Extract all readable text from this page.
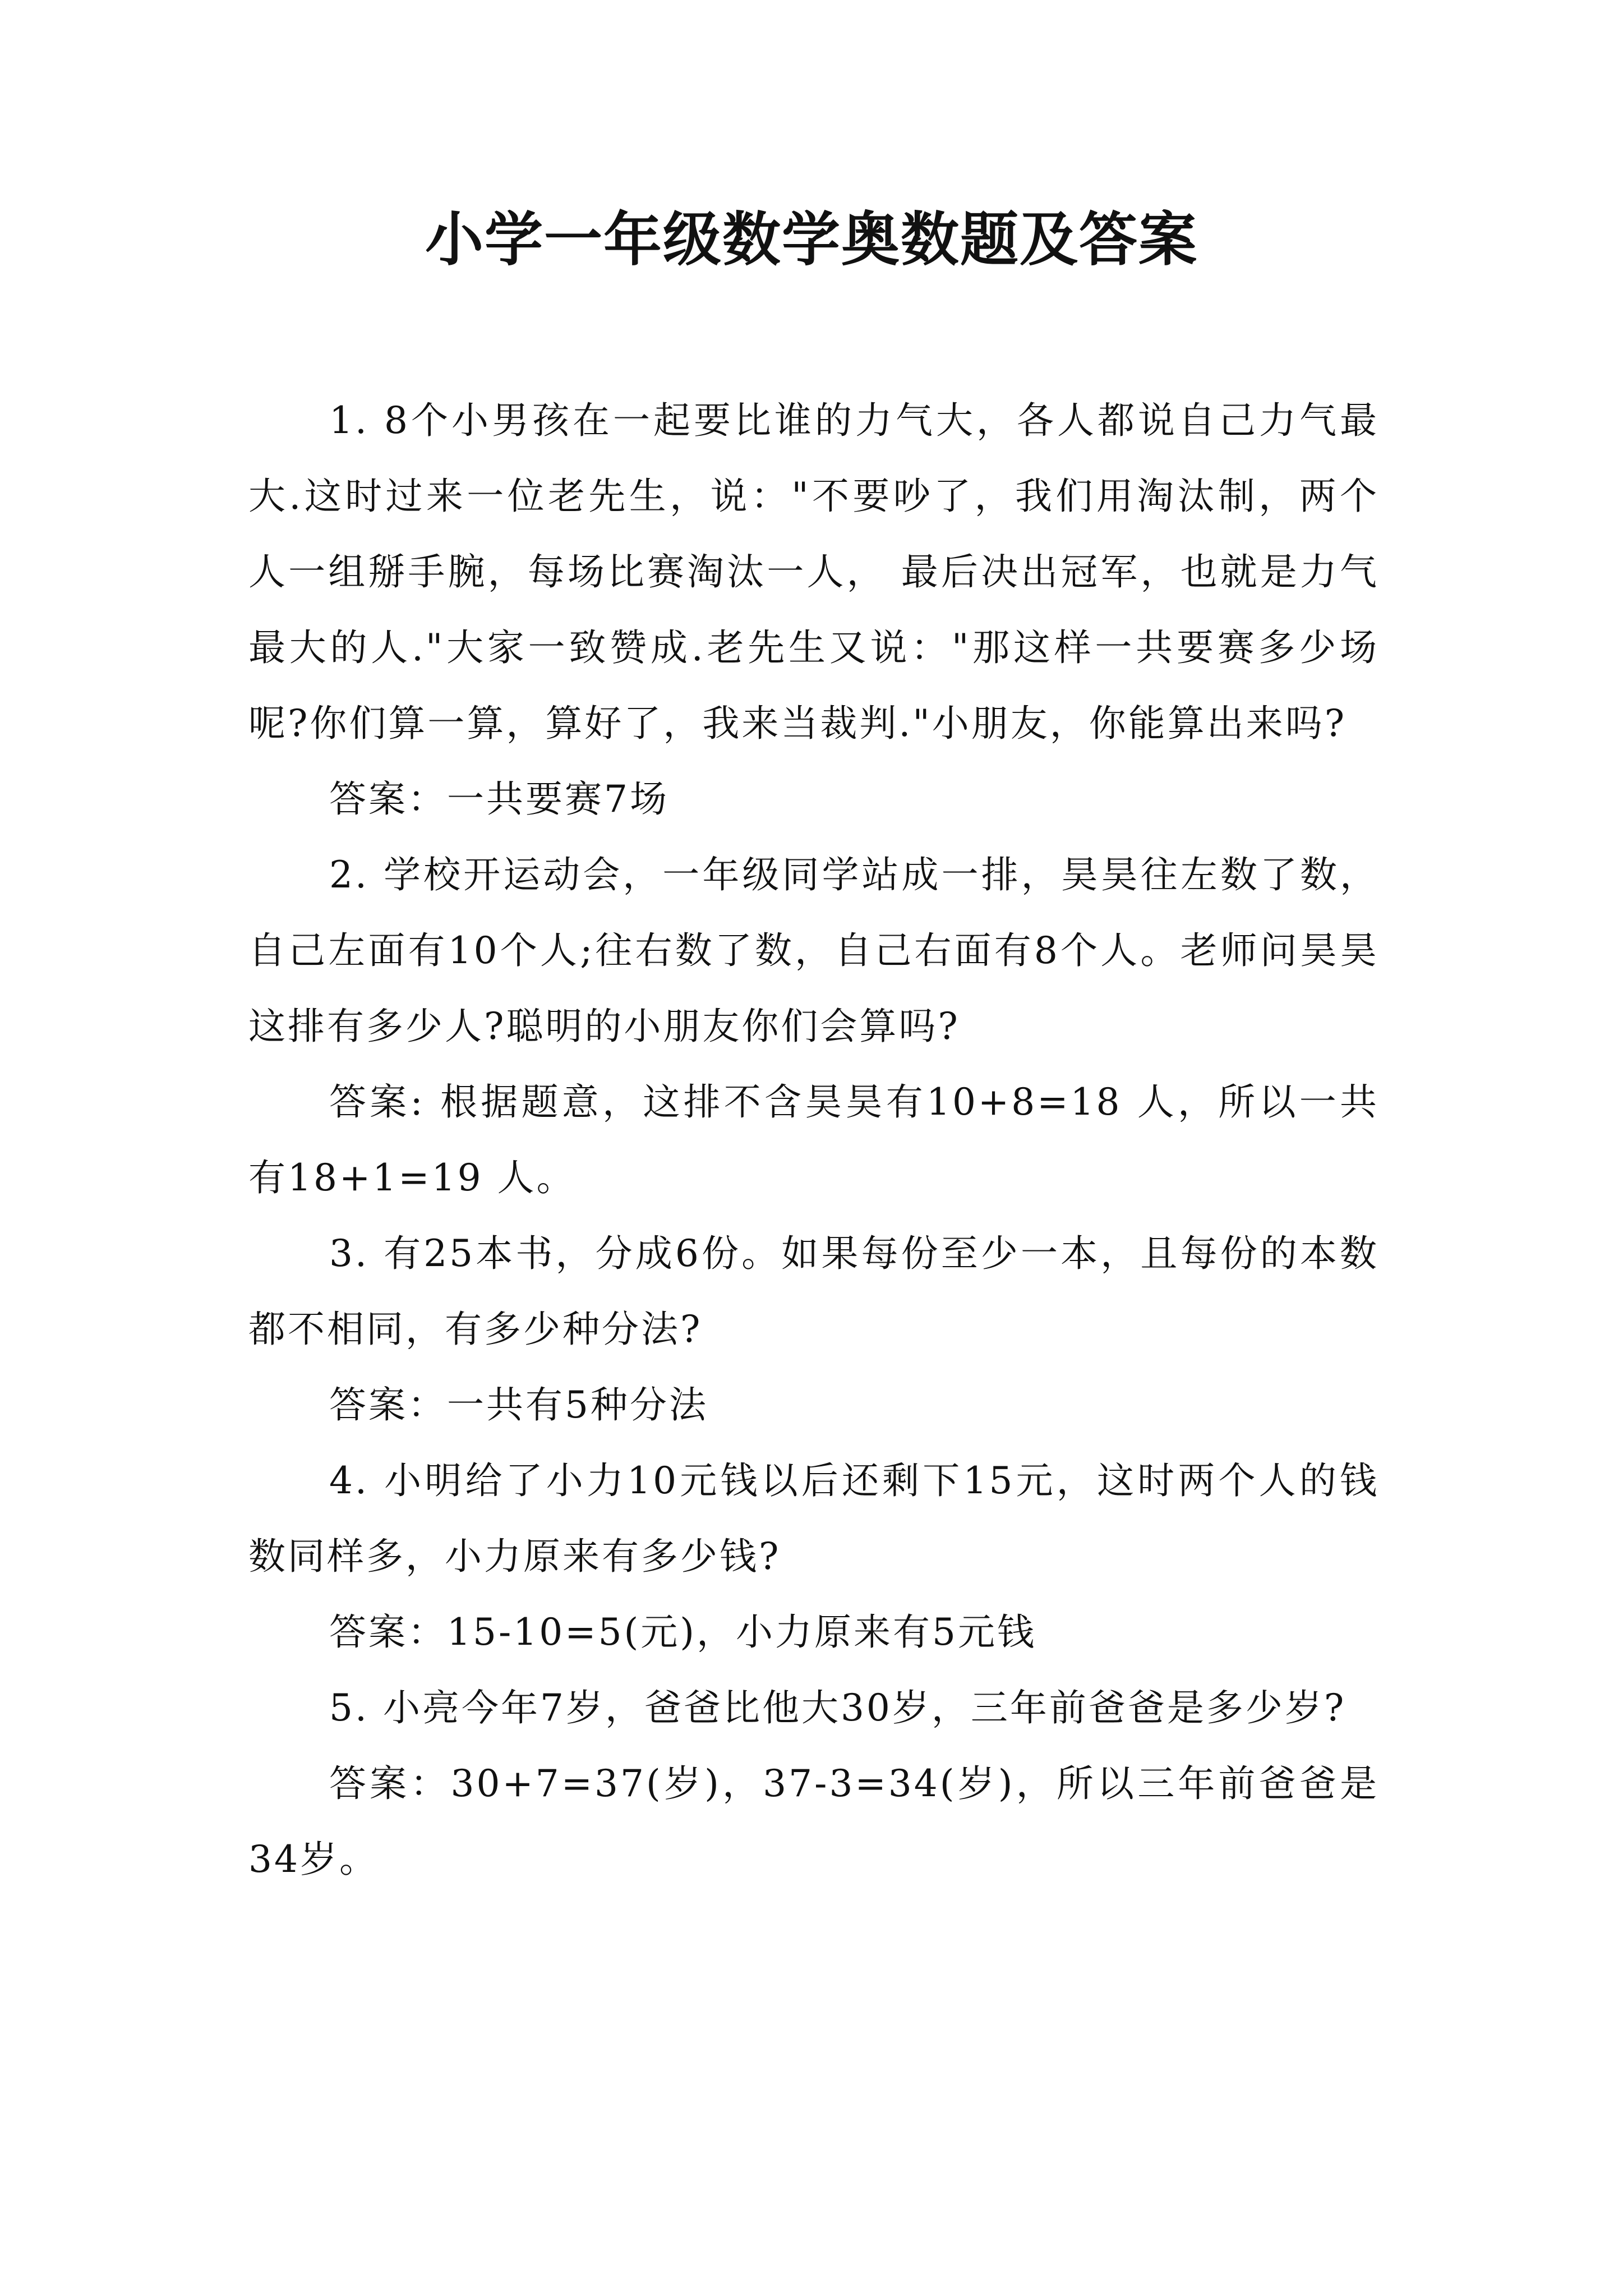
小学一年级数学奥数题及答案

1. 8个小男孩在一起要比谁的力气大，各人都说自己力气最大.这时过来一位老先生，说："不要吵了，我们用淘汰制，两个人一组掰手腕，每场比赛淘汰一人， 最后决出冠军，也就是力气最大的人."大家一致赞成.老先生又说："那这样一共要赛多少场呢?你们算一算，算好了，我来当裁判."小朋友，你能算出来吗?

答案：一共要赛7场

2. 学校开运动会，一年级同学站成一排，昊昊往左数了数，自己左面有10个人;往右数了数，自己右面有8个人。老师问昊昊这排有多少人?聪明的小朋友你们会算吗?

答案: 根据题意，这排不含昊昊有10+8=18 人，所以一共有18+1=19 人。

3. 有25本书，分成6份。如果每份至少一本，且每份的本数都不相同，有多少种分法?

答案：一共有5种分法

4. 小明给了小力10元钱以后还剩下15元，这时两个人的钱数同样多，小力原来有多少钱?

答案：15-10=5(元)，小力原来有5元钱

5. 小亮今年7岁，爸爸比他大30岁，三年前爸爸是多少岁?

答案：30+7=37(岁)，37-3=34(岁)，所以三年前爸爸是34岁。
